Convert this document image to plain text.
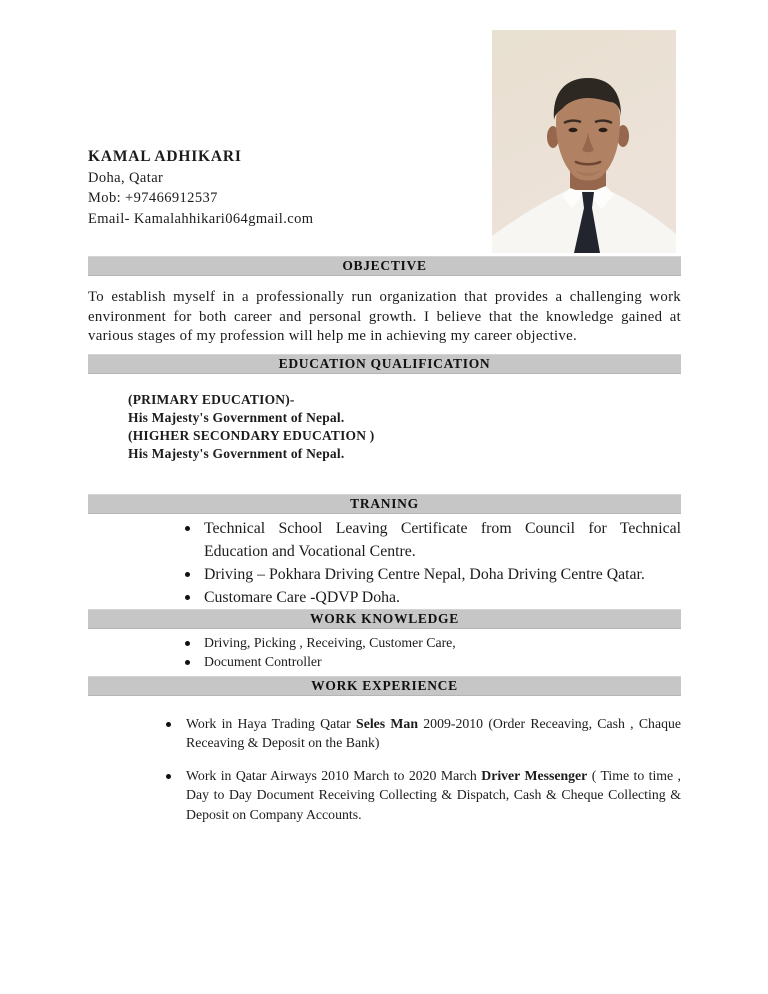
KAMAL ADHIKARI
Doha, Qatar
Mob: +97466912537
Email- Kamalahhikari064gmail.com
OBJECTIVE

To establish myself in a professionally run organization that provides a challenging work environment for both career and personal growth. I believe that the knowledge gained at various stages of my profession will help me in achieving my career objective.

EDUCATION QUALIFICATION
(PRIMARY EDUCATION)-
His Majesty's Government of Nepal.
(HIGHER SECONDARY EDUCATION )
His Majesty's Government of Nepal.
TRANING
Technical School Leaving Certificate from Council for Technical Education and Vocational Centre.
Driving – Pokhara Driving Centre Nepal, Doha Driving Centre Qatar.
Customare Care -QDVP Doha.
WORK KNOWLEDGE
Driving, Picking , Receiving, Customer Care,
Document Controller
WORK EXPERIENCE
Work in Haya Trading Qatar Seles Man 2009-2010 (Order Receaving, Cash , Chaque Receaving & Deposit on the Bank)
Work in Qatar Airways 2010 March to 2020 March Driver Messenger ( Time to time , Day to Day Document Receiving Collecting & Dispatch, Cash & Cheque Collecting & Deposit on Company Accounts.
